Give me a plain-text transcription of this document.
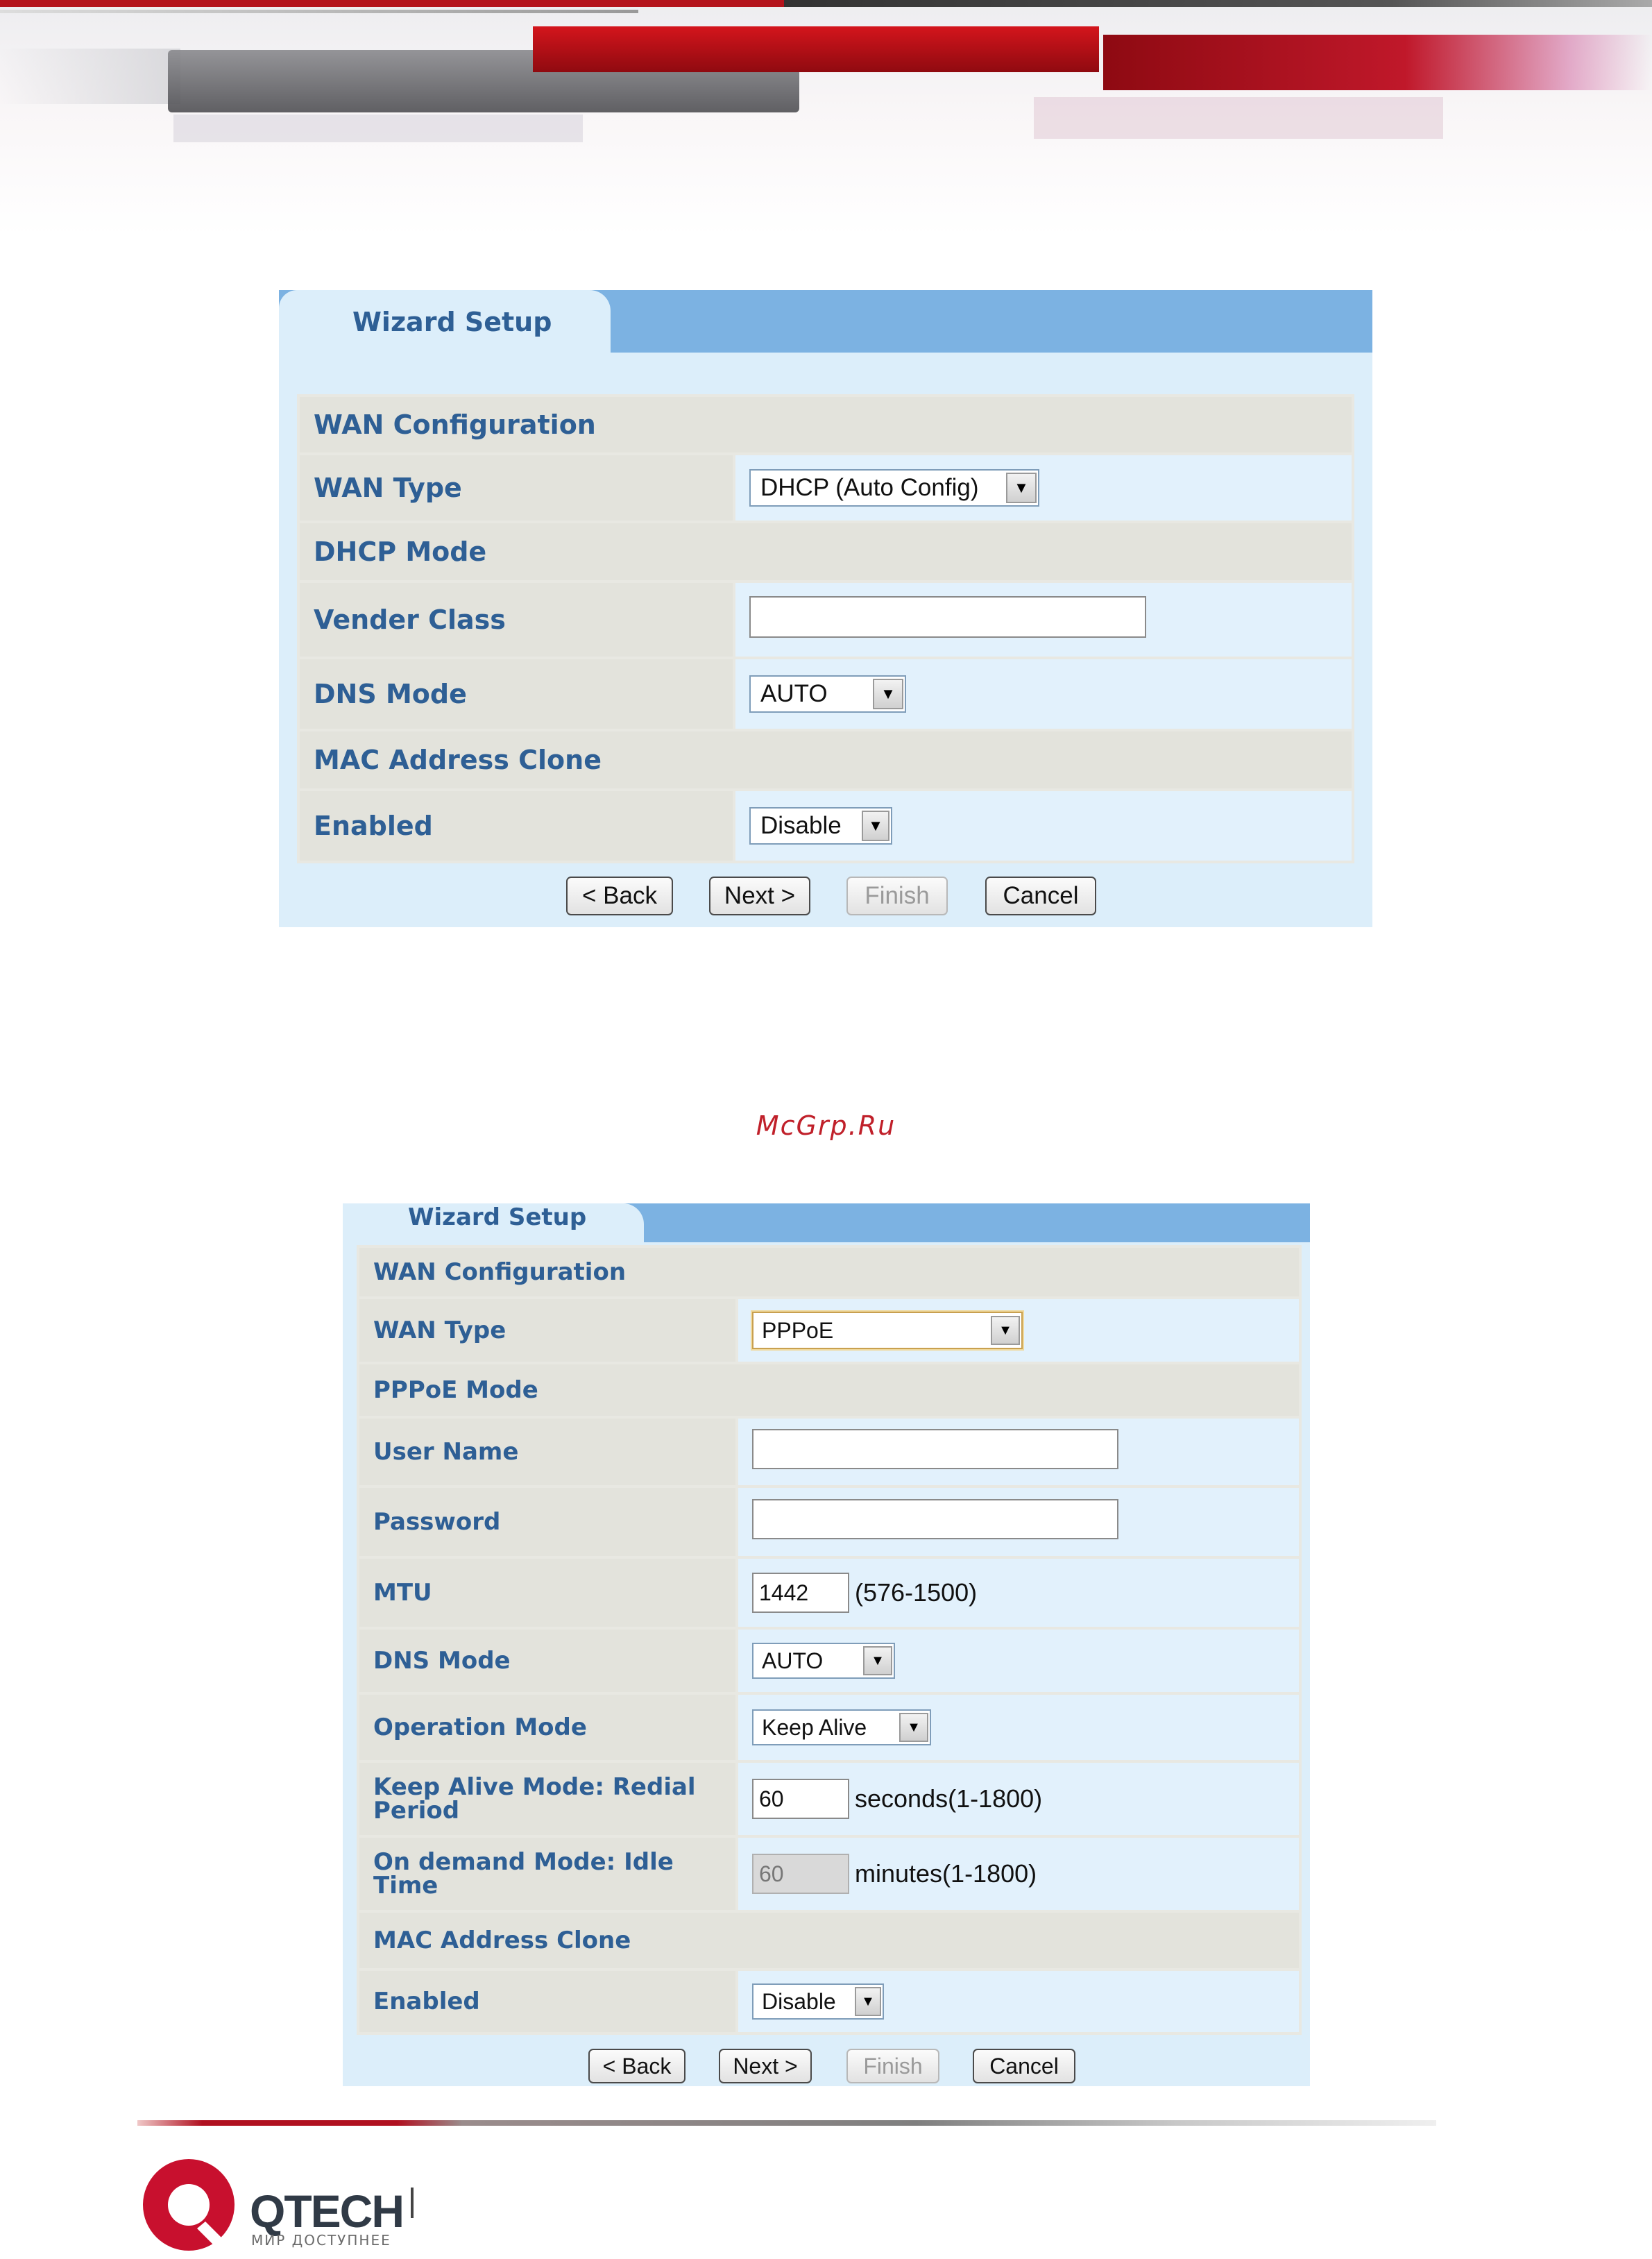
Wizard Setup
WAN Configuration	
WAN Type	DHCP (Auto Config) ▼

DHCP Mode	
Vender Class	
DNS Mode	AUTO ▼

MAC Address Clone	
Enabled	Disable ▼
< Back	Next >	Finish	Cancel
McGrp.Ru
Wizard Setup
WAN Configuration	
WAN Type	PPPoE ▼

PPPoE Mode	
User Name	
Password	
MTU	1442 (576-1500)

DNS Mode	AUTO ▼

Operation Mode	Keep Alive ▼

Keep Alive Mode: Redial Period	60 seconds(1-1800)

On demand Mode: Idle Time	60 minutes(1-1800)

MAC Address Clone	
Enabled	Disable ▼
< Back	Next >	Finish	Cancel
QTECH
МИР ДОСТУПНЕЕ
